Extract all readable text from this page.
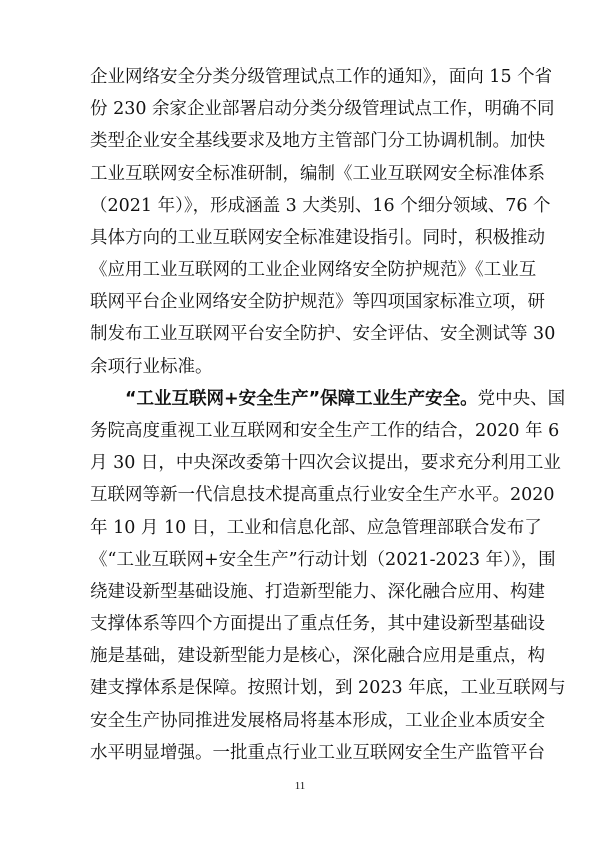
企业网络安全分类分级管理试点工作的通知》，面向 15 个省
份 230 余家企业部署启动分类分级管理试点工作，明确不同
类型企业安全基线要求及地方主管部门分工协调机制。加快
工业互联网安全标准研制，编制《工业互联网安全标准体系
（2021 年）》，形成涵盖 3 大类别、16 个细分领域、76 个
具体方向的工业互联网安全标准建设指引。同时，积极推动
《应用工业互联网的工业企业网络安全防护规范》《工业互
联网平台企业网络安全防护规范》等四项国家标准立项，研
制发布工业互联网平台安全防护、安全评估、安全测试等 30
余项行业标准。
“工业互联网+安全生产”保障工业生产安全。党中央、国
务院高度重视工业互联网和安全生产工作的结合，2020 年 6
月 30 日，中央深改委第十四次会议提出，要求充分利用工业
互联网等新一代信息技术提高重点行业安全生产水平。2020
年 10 月 10 日，工业和信息化部、应急管理部联合发布了
《“工业互联网+安全生产”行动计划（2021-2023 年）》，围
绕建设新型基础设施、打造新型能力、深化融合应用、构建
支撑体系等四个方面提出了重点任务，其中建设新型基础设
施是基础，建设新型能力是核心，深化融合应用是重点，构
建支撑体系是保障。按照计划，到 2023 年底，工业互联网与
安全生产协同推进发展格局将基本形成，工业企业本质安全
水平明显增强。一批重点行业工业互联网安全生产监管平台
11
